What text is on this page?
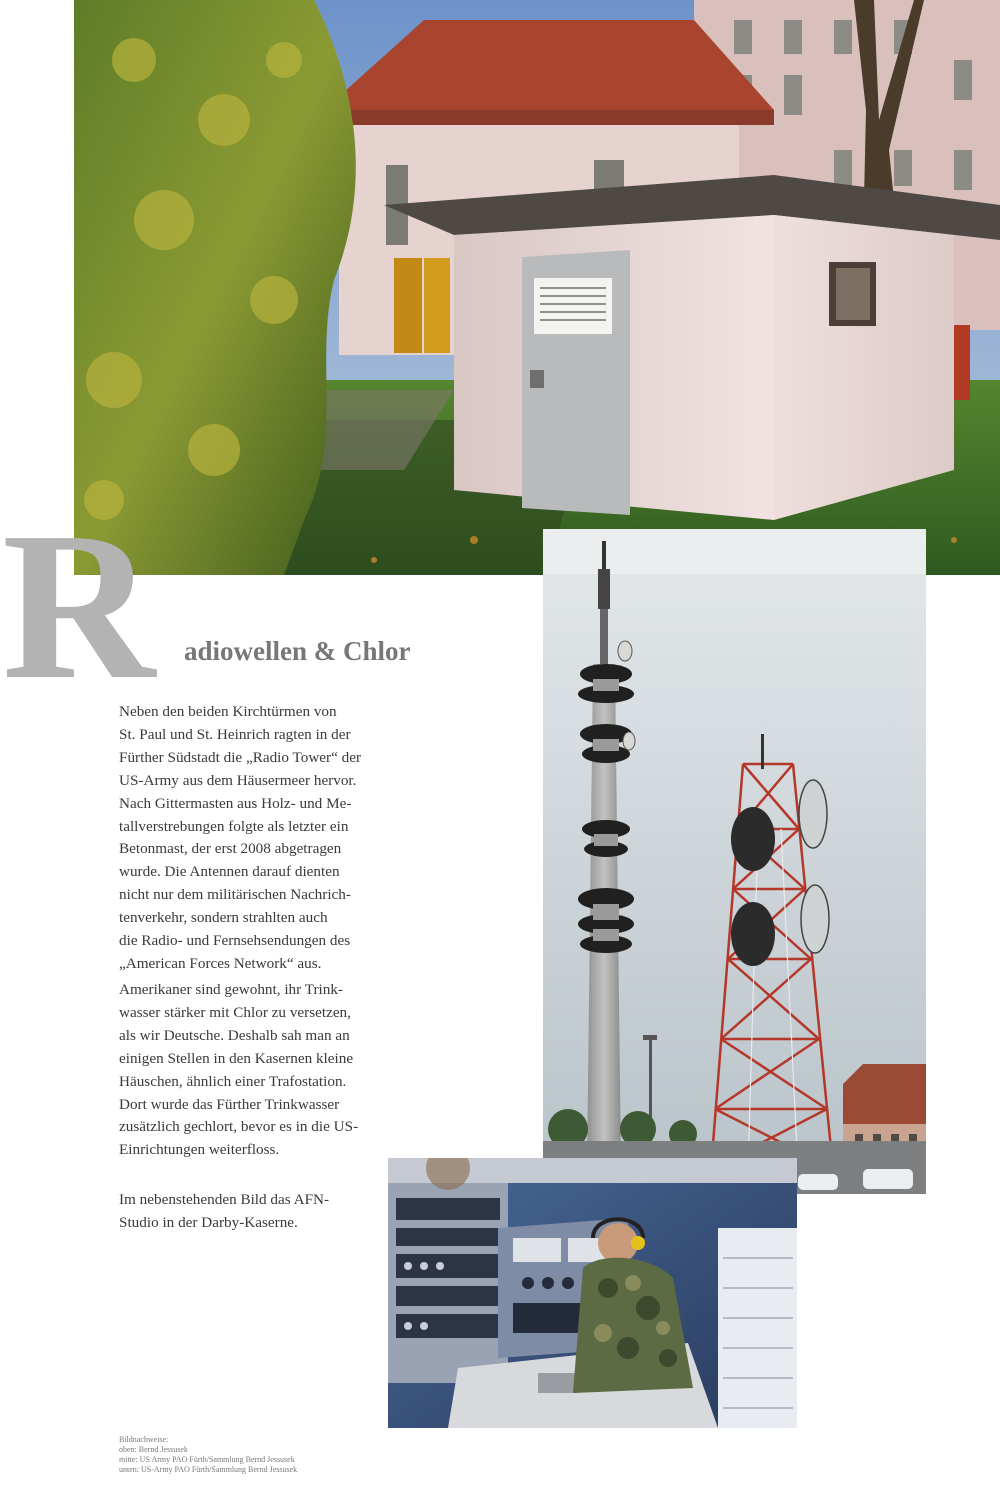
R adiowellen & Chlor

Neben den beiden Kirchtürmen von
St. Paul und St. Heinrich ragten in der
Fürther Südstadt die „Radio Tower“ der
US-Army aus dem Häusermeer hervor.
Nach Gittermasten aus Holz- und Me-
tallverstrebungen folgte als letzter ein
Betonmast, der erst 2008 abgetragen
wurde. Die Antennen darauf dienten
nicht nur dem militärischen Nachrich-
tenverkehr, sondern strahlten auch
die Radio- und Fernsehsendungen des
„American Forces Network“ aus.

Amerikaner sind gewohnt, ihr Trink-
wasser stärker mit Chlor zu versetzen,
als wir Deutsche. Deshalb sah man an
einigen Stellen in den Kasernen kleine
Häuschen, ähnlich einer Trafostation.
Dort wurde das Fürther Trinkwasser
zusätzlich gechlort, bevor es in die US-
Einrichtungen weiterfloss.

Im nebenstehenden Bild das AFN-
Studio in der Darby-Kaserne.

Bildnachweise:
oben: Bernd Jessusek
mitte: US Army PAO Fürth/Sammlung Bernd Jessusek
unten: US-Army PAO Fürth/Sammlung Bernd Jessusek
